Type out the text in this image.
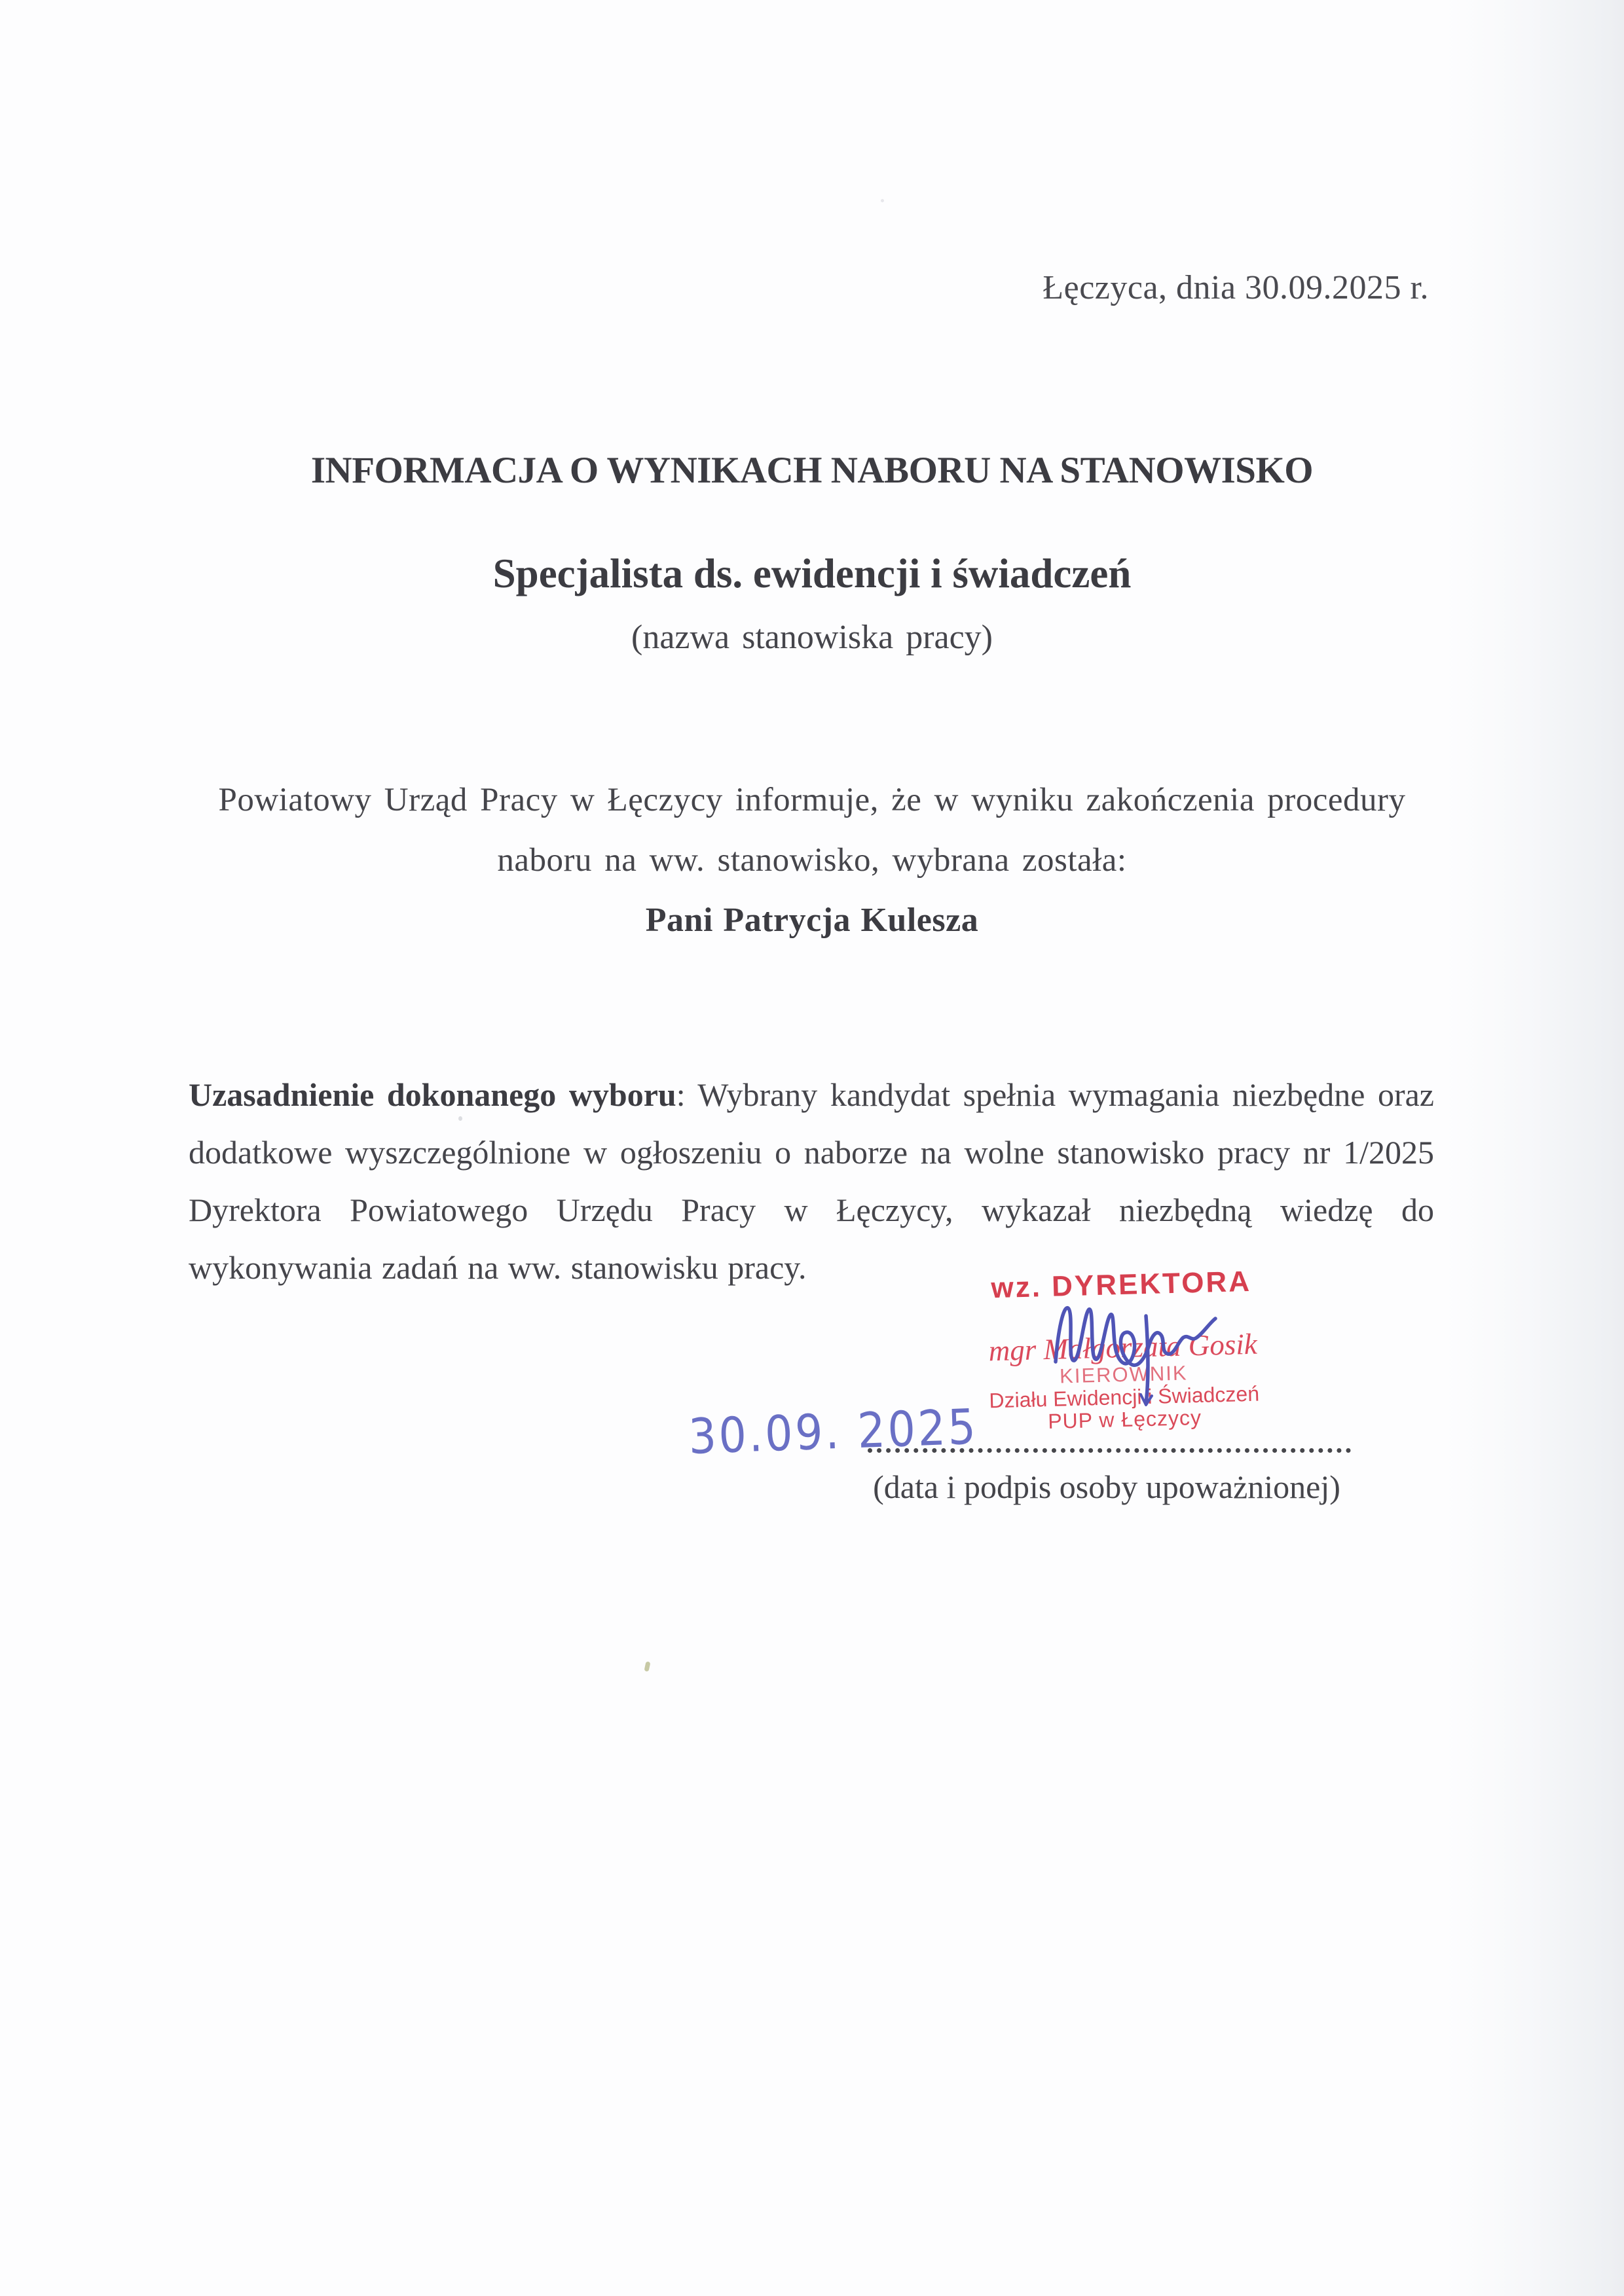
Łęczyca, dnia 30.09.2025 r.
INFORMACJA O WYNIKACH NABORU NA STANOWISKO
Specjalista ds. ewidencji i świadczeń
(nazwa stanowiska pracy)
Powiatowy Urząd Pracy w Łęczycy informuje, że w wyniku zakończenia procedury
naboru na ww. stanowisko, wybrana została:
Pani Patrycja Kulesza

Uzasadnienie dokonanego wyboru: Wybrany kandydat spełnia wymagania niezbędne oraz dodatkowe wyszczególnione w ogłoszeniu o naborze na wolne stanowisko pracy nr 1/2025 Dyrektora Powiatowego Urzędu Pracy w Łęczycy, wykazał niezbędną wiedzę do wykonywania zadań na ww. stanowisku pracy.	wz. DYREKTORA
mgr Małgorzata Gosik
KIEROWNIK
Działu Ewidencji i Świadczeń
PUP w Łęczycy
30.09. 2025
(data i podpis osoby upoważnionej)
